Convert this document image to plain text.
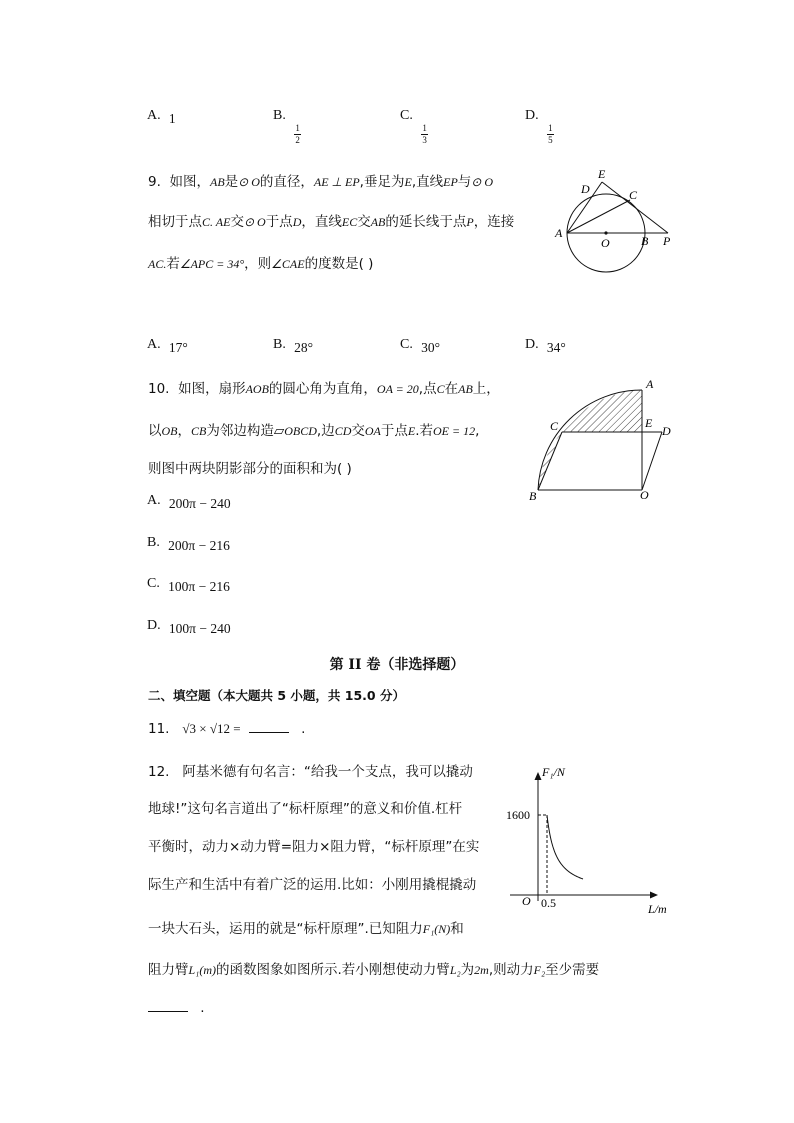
A. 1	B.
$\frac{1}{2}$
C.
$\frac{1}{3}$
D.
$\frac{1}{5}$
9. 如图，AB是⊙ O的直径，AE ⊥ EP,垂足为E,直线EP与⊙ O
相切于点C. AE交⊙ O于点D，直线EC交AB的延长线于点P，连接
AC.若∠APC = 34°，则∠CAE的度数是( )
E
D	C
A
O	B P
A. 17°	B. 28°	C. 30°	D. 34°
10. 如图，扇形AOB的圆心角为直角，OA = 20,点C在AB上，
以OB，CB为邻边构造▱OBCD,边CD交OA于点E.若OE = 12,
则图中两块阴影部分的面积和为( )
A
C	E
D
B	O
A. 200π − 240
B. 200π − 216
C. 100π − 216
D. 100π − 240
第 II 卷（非选择题）
二、填空题（本大题共 5 小题，共 15.0 分）
11. √3 × √12 =	.
12. 阿基米德有句名言：“给我一个支点，我可以撬动
地球!”这句名言道出了“标杆原理”的意义和价值.杠杆
平衡时，动力×动力臂=阻力×阻力臂，“标杆原理”在实
际生产和生活中有着广泛的运用.比如：小刚用撬棍撬动
一块大石头，运用的就是“标杆原理”.已知阻力F₁(N)和
阻力臂L₁(m)的函数图象如图所示.若小刚想使动力臂L₂为2m,则动力F₂至少需要
.
F₁/N
L/m
O
1600
0.5
